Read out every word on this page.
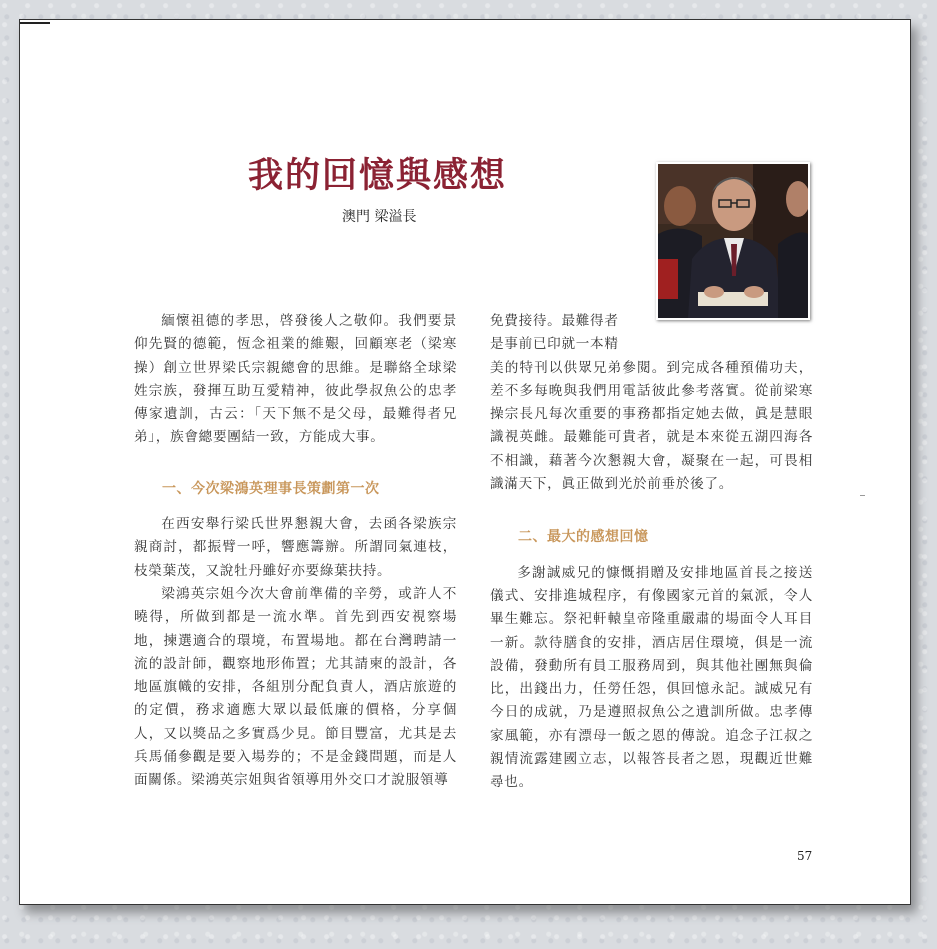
我的回憶與感想
澳門 梁溢長

緬懷祖德的孝思，啓發後人之敬仰。我們要景仰先賢的德範，恆念祖業的維艱，回顧寒老（梁寒操）創立世界梁氏宗親總會的思維。是聯絡全球梁姓宗族，發揮互助互愛精神，彼此學叔魚公的忠孝傳家遺訓，古云：「天下無不是父母，最難得者兄弟」，族會總要團結一致，方能成大事。

一、今次梁鴻英理事長策劃第一次

在西安舉行梁氏世界懇親大會，去函各梁族宗親商討，都振臂一呼，響應籌辦。所謂同氣連枝，枝榮葉茂，又說牡丹雖好亦要綠葉扶持。

梁鴻英宗姐今次大會前準備的辛勞，或許人不曉得，所做到都是一流水準。首先到西安視察場地，揀選適合的環境，布置場地。都在台灣聘請一流的設計師，觀察地形佈置；尤其請柬的設計，各地區旗幟的安排，各組別分配負責人，酒店旅遊的的定價，務求適應大眾以最低廉的價格，分享個人，又以獎品之多實爲少見。節目豐富，尤其是去兵馬俑參觀是要入場券的；不是金錢問題，而是人面關係。梁鴻英宗姐與省領導用外交口才說服領導

免費接待。最難得者

是事前已印就一本精

美的特刊以供眾兄弟參閱。到完成各種預備功夫，差不多每晚與我們用電話彼此參考落實。從前梁寒操宗長凡每次重要的事務都指定她去做，眞是慧眼識視英雌。最難能可貴者，就是本來從五湖四海各不相識，藉著今次懇親大會，凝聚在一起，可畏相識滿天下，眞正做到光於前垂於後了。

二、最大的感想回憶

多謝誠威兄的慷慨捐贈及安排地區首長之接送儀式、安排進城程序，有像國家元首的氣派，令人畢生難忘。祭祀軒轅皇帝隆重嚴肅的場面令人耳目一新。款待膳食的安排，酒店居住環境，俱是一流設備，發動所有員工服務周到，與其他社團無與倫比，出錢出力，任勞任怨，俱回憶永記。誠威兄有今日的成就，乃是遵照叔魚公之遺訓所做。忠孝傳家風範，亦有漂母一飯之恩的傳說。追念子江叔之親情流露建國立志，以報答長者之恩，現觀近世難尋也。

57
